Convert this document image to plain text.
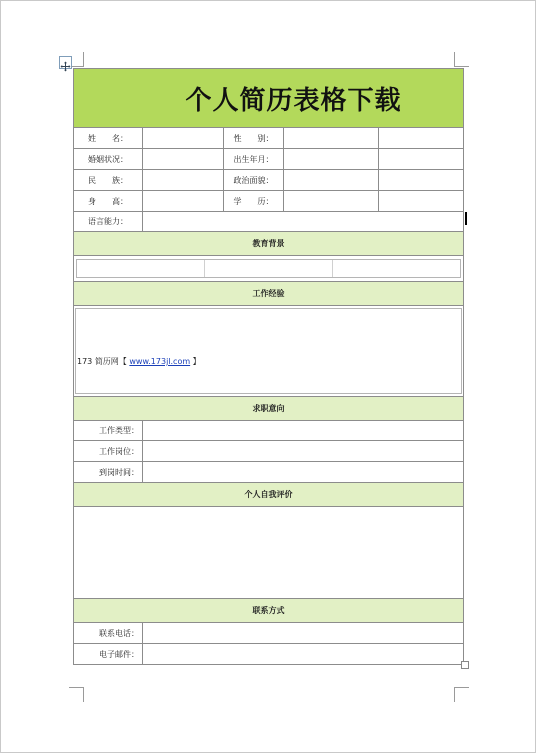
个人简历表格下载
姓　　名：	性　　别：
婚姻状况：	出生年月：
民　　族：	政治面貌：
身　　高：	学　　历：
语言能力：
教育背景
工作经验
173 简历网【 www.173jl.com 】
求职意向
工作类型：
工作岗位：
到岗时间：
个人自我评价
联系方式
联系电话：
电子邮件：
